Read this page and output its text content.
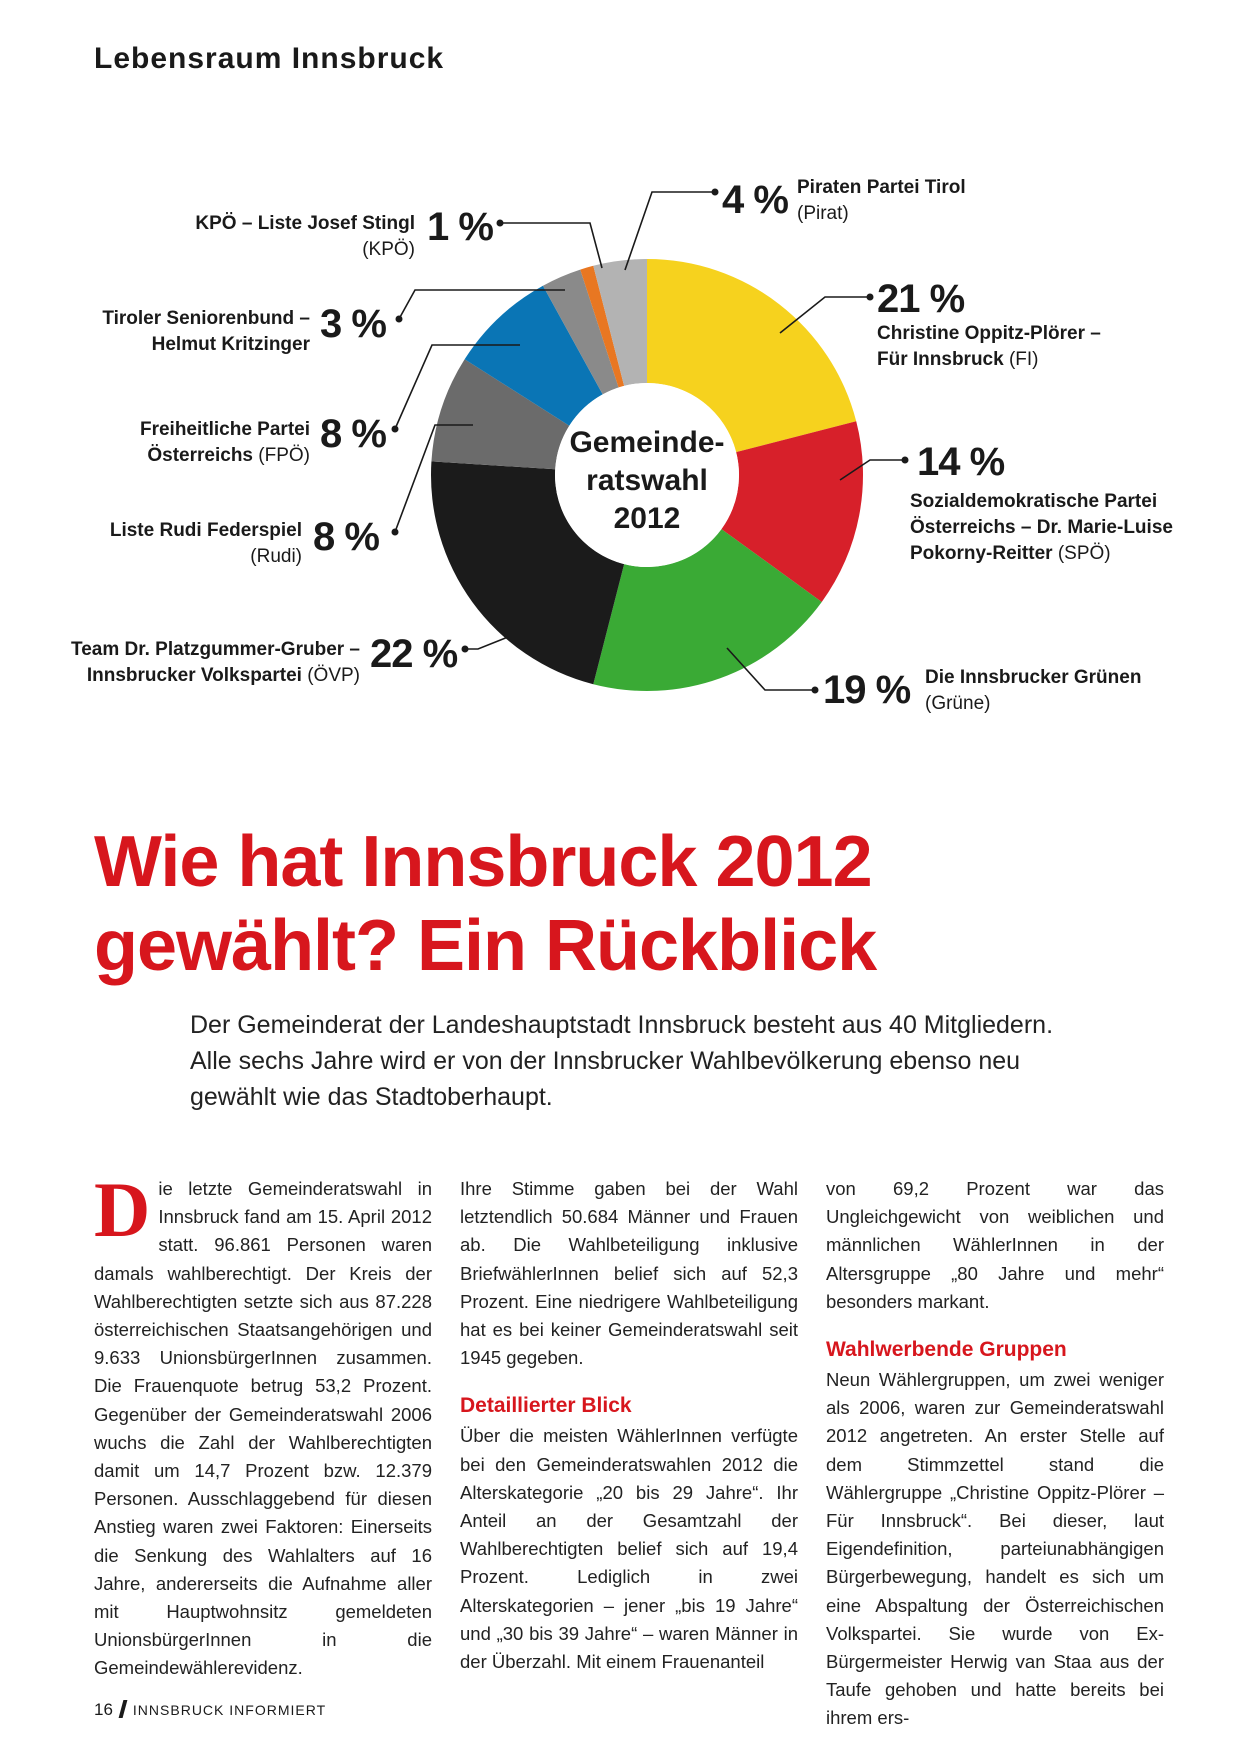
Lebensraum Innsbruck
Gemeinde-
ratswahl
2012
4 % Piraten Partei Tirol
(Pirat)
21 %
Christine Oppitz-Plörer –
Für Innsbruck (FI)
14 %
Sozialdemokratische Partei
Österreichs – Dr. Marie-Luise
Pokorny-Reitter (SPÖ)
19 % Die Innsbrucker Grünen
(Grüne)
22 %
Team Dr. Platzgummer-Gruber –
Innsbrucker Volkspartei (ÖVP)
8 %
Liste Rudi Federspiel
(Rudi)
8 %
Freiheitliche Partei
Österreichs (FPÖ)
3 %
Tiroler Seniorenbund –
Helmut Kritzinger
1 %
KPÖ – Liste Josef Stingl
(KPÖ)
Wie hat Innsbruck 2012
gewählt? Ein Rückblick
Der Gemeinderat der Landeshauptstadt Innsbruck besteht aus 40 Mitgliedern. Alle sechs Jahre wird er von der Innsbrucker Wahlbevölkerung ebenso neu gewählt wie das Stadtoberhaupt.
D ie letzte Gemeinderatswahl in Innsbruck fand am 15. April 2012 statt. 96.861 Personen waren damals wahlberechtigt. Der Kreis der Wahlberechtigten setzte sich aus 87.228 österreichischen Staatsangehörigen und 9.633 UnionsbürgerInnen zusammen. Die Frauenquote betrug 53,2 Prozent. Gegenüber der Gemeinderatswahl 2006 wuchs die Zahl der Wahlberechtigten damit um 14,7 Prozent bzw. 12.379 Personen. Ausschlaggebend für diesen Anstieg waren zwei Faktoren: Einerseits die Senkung des Wahlalters auf 16 Jahre, andererseits die Aufnahme aller mit Hauptwohnsitz gemeldeten UnionsbürgerInnen in die Gemeindewählerevidenz.

Ihre Stimme gaben bei der Wahl letztendlich 50.684 Männer und Frauen ab. Die Wahlbeteiligung inklusive BriefwählerInnen belief sich auf 52,3 Prozent. Eine niedrigere Wahlbeteiligung hat es bei keiner Gemeinderatswahl seit 1945 gegeben.

Detaillierter Blick

Über die meisten WählerInnen verfügte bei den Gemeinderatswahlen 2012 die Alterskategorie „20 bis 29 Jahre“. Ihr Anteil an der Gesamtzahl der Wahlberechtigten belief sich auf 19,4 Prozent. Lediglich in zwei Alterskategorien – jener „bis 19 Jahre“ und „30 bis 39 Jahre“ – waren Männer in der Überzahl. Mit einem Frauenanteil

von 69,2 Prozent war das Ungleichgewicht von weiblichen und männlichen WählerInnen in der Altersgruppe „80 Jahre und mehr“ besonders markant.

Wahlwerbende Gruppen

Neun Wählergruppen, um zwei weniger als 2006, waren zur Gemeinderatswahl 2012 angetreten. An erster Stelle auf dem Stimmzettel stand die Wählergruppe „Christine Oppitz-Plörer – Für Innsbruck“. Bei dieser, laut Eigendefinition, parteiunabhängigen Bürgerbewegung, handelt es sich um eine Abspaltung der Österreichischen Volkspartei. Sie wurde von Ex-Bürgermeister Herwig van Staa aus der Taufe gehoben und hatte bereits bei ihrem ers-

16 INNSBRUCK INFORMIERT
